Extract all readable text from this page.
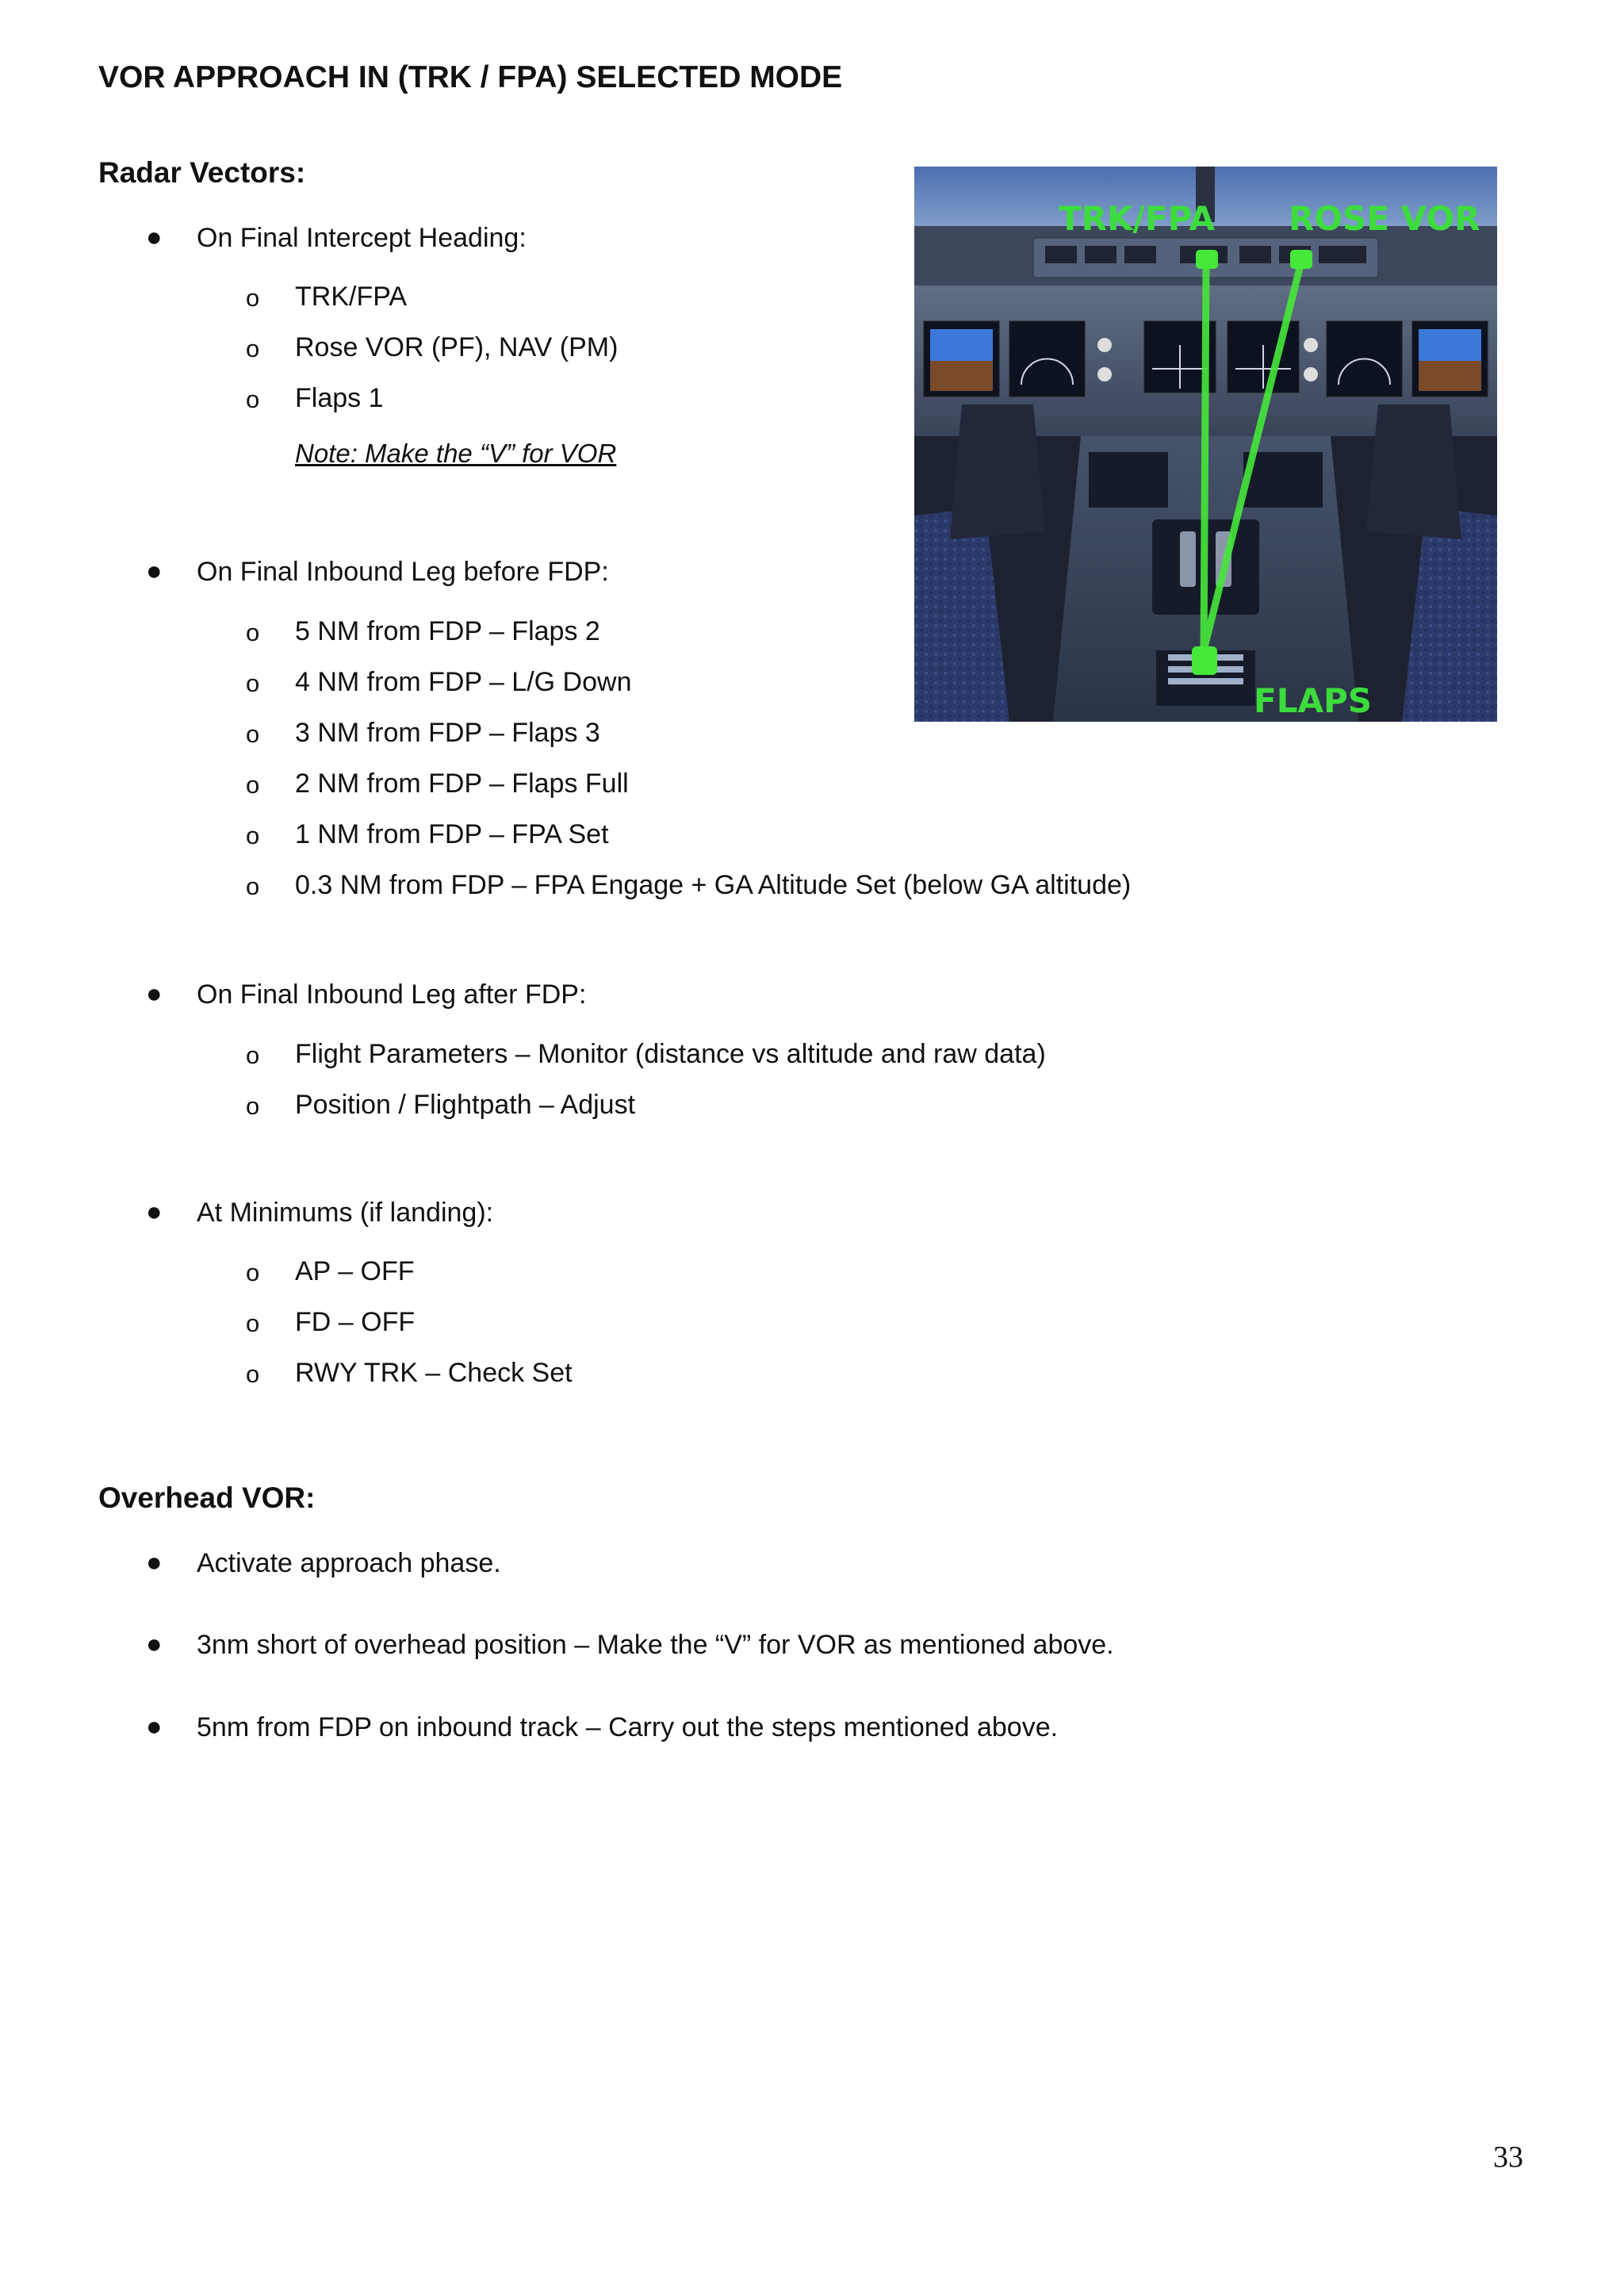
VOR APPROACH IN (TRK / FPA) SELECTED MODE
Radar Vectors:
● On Final Intercept Heading:
o TRK/FPA
o Rose VOR (PF), NAV (PM)
o Flaps 1
Note: Make the “V” for VOR
● On Final Inbound Leg before FDP:
o 5 NM from FDP – Flaps 2
o 4 NM from FDP – L/G Down
o 3 NM from FDP – Flaps 3
o 2 NM from FDP – Flaps Full
o 1 NM from FDP – FPA Set
o 0.3 NM from FDP – FPA Engage + GA Altitude Set (below GA altitude)
● On Final Inbound Leg after FDP:
o Flight Parameters – Monitor (distance vs altitude and raw data)
o Position / Flightpath – Adjust
● At Minimums (if landing):
o AP – OFF
o FD – OFF
o RWY TRK – Check Set
Overhead VOR:
● Activate approach phase.
● 3nm short of overhead position – Make the “V” for VOR as mentioned above.
● 5nm from FDP on inbound track – Carry out the steps mentioned above.
33
TRK/FPA ROSE VOR
FLAPS
